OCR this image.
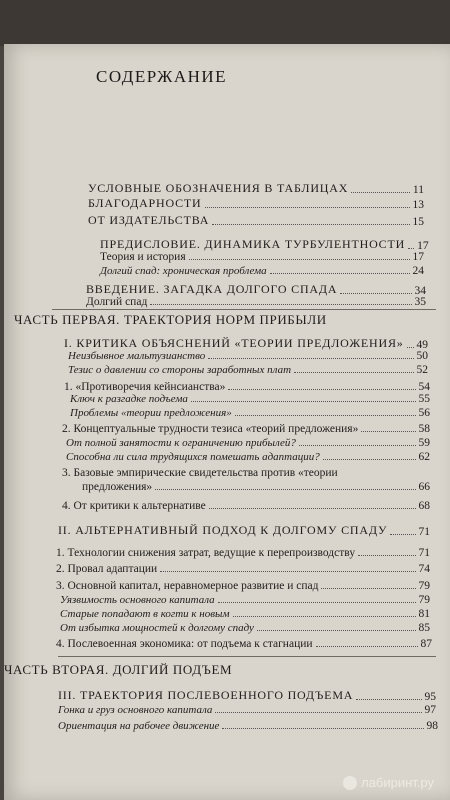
СОДЕРЖАНИЕ
УСЛОВНЫЕ ОБОЗНАЧЕНИЯ В ТАБЛИЦАХ	11
БЛАГОДАРНОСТИ	13
ОТ ИЗДАТЕЛЬСТВА	15
ПРЕДИСЛОВИЕ. ДИНАМИКА ТУРБУЛЕНТНОСТИ 17
Теория и история	17
Долгий спад: хроническая проблема	24
ВВЕДЕНИЕ. ЗАГАДКА ДОЛГОГО СПАДА	34
Долгий спад	35
ЧАСТЬ ПЕРВАЯ. ТРАЕКТОРИЯ НОРМ ПРИБЫЛИ
I. КРИТИКА ОБЪЯСНЕНИЙ «ТЕОРИИ ПРЕДЛОЖЕНИЯ» 49
Неизбывное мальтузианство	50
Тезис о давлении со стороны заработных плат	52
1. «Противоречия кейнсианства»	54
Ключ к разгадке подъема	55
Проблемы «теории предложения»	56
2. Концептуальные трудности тезиса «теорий предложения»	58
От полной занятости к ограничению прибылей?	59
Способна ли сила трудящихся помешать адаптации?	62
3. Базовые эмпирические свидетельства против «теории
предложения»	66
4. От критики к альтернативе	68
II. АЛЬТЕРНАТИВНЫЙ ПОДХОД К ДОЛГОМУ СПАДУ	71
1. Технологии снижения затрат, ведущие к перепроизводству	71
2. Провал адаптации	74
3. Основной капитал, неравномерное развитие и спад	79
Уязвимость основного капитала	79
Старые попадают в когти к новым	81
От избытка мощностей к долгому спаду	85
4. Послевоенная экономика: от подъема к стагнации	87
ЧАСТЬ ВТОРАЯ. ДОЛГИЙ ПОДЪЕМ
III. ТРАЕКТОРИЯ ПОСЛЕВОЕННОГО ПОДЪЕМА	95
Гонка и груз основного капитала	97
Ориентация на рабочее движение	98
лабиринт.ру
